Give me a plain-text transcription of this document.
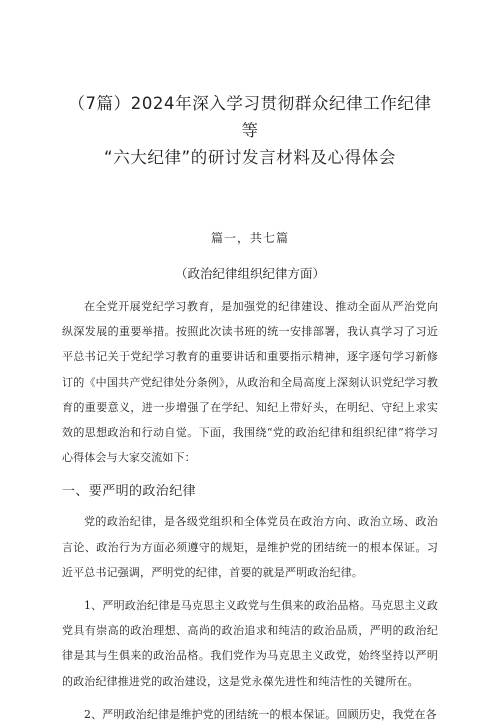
（7篇）2024年深入学习贯彻群众纪律工作纪律等
“六大纪律”的研讨发言材料及心得体会

篇一，共七篇

（政治纪律组织纪律方面）

在全党开展党纪学习教育，是加强党的纪律建设、推动全面从严治党向纵深发展的重要举措。按照此次读书班的统一安排部署，我认真学习了习近平总书记关于党纪学习教育的重要讲话和重要指示精神，逐字逐句学习新修订的《中国共产党纪律处分条例》，从政治和全局高度上深刻认识党纪学习教育的重要意义，进一步增强了在学纪、知纪上带好头，在明纪、守纪上求实效的思想政治和行动自觉。下面，我围绕“党的政治纪律和组织纪律”将学习心得体会与大家交流如下：

一、要严明的政治纪律

党的政治纪律，是各级党组织和全体党员在政治方向、政治立场、政治言论、政治行为方面必须遵守的规矩，是维护党的团结统一的根本保证。习近平总书记强调，严明党的纪律，首要的就是严明政治纪律。

1、严明政治纪律是马克思主义政党与生俱来的政治品格。马克思主义政党具有崇高的政治理想、高尚的政治追求和纯洁的政治品质，严明的政治纪律是其与生俱来的政治品格。我们党作为马克思主义政党，始终坚持以严明的政治纪律推进党的政治建设，这是党永葆先进性和纯洁性的关键所在。

2、严明政治纪律是维护党的团结统一的根本保证。回顾历史，我党在各
